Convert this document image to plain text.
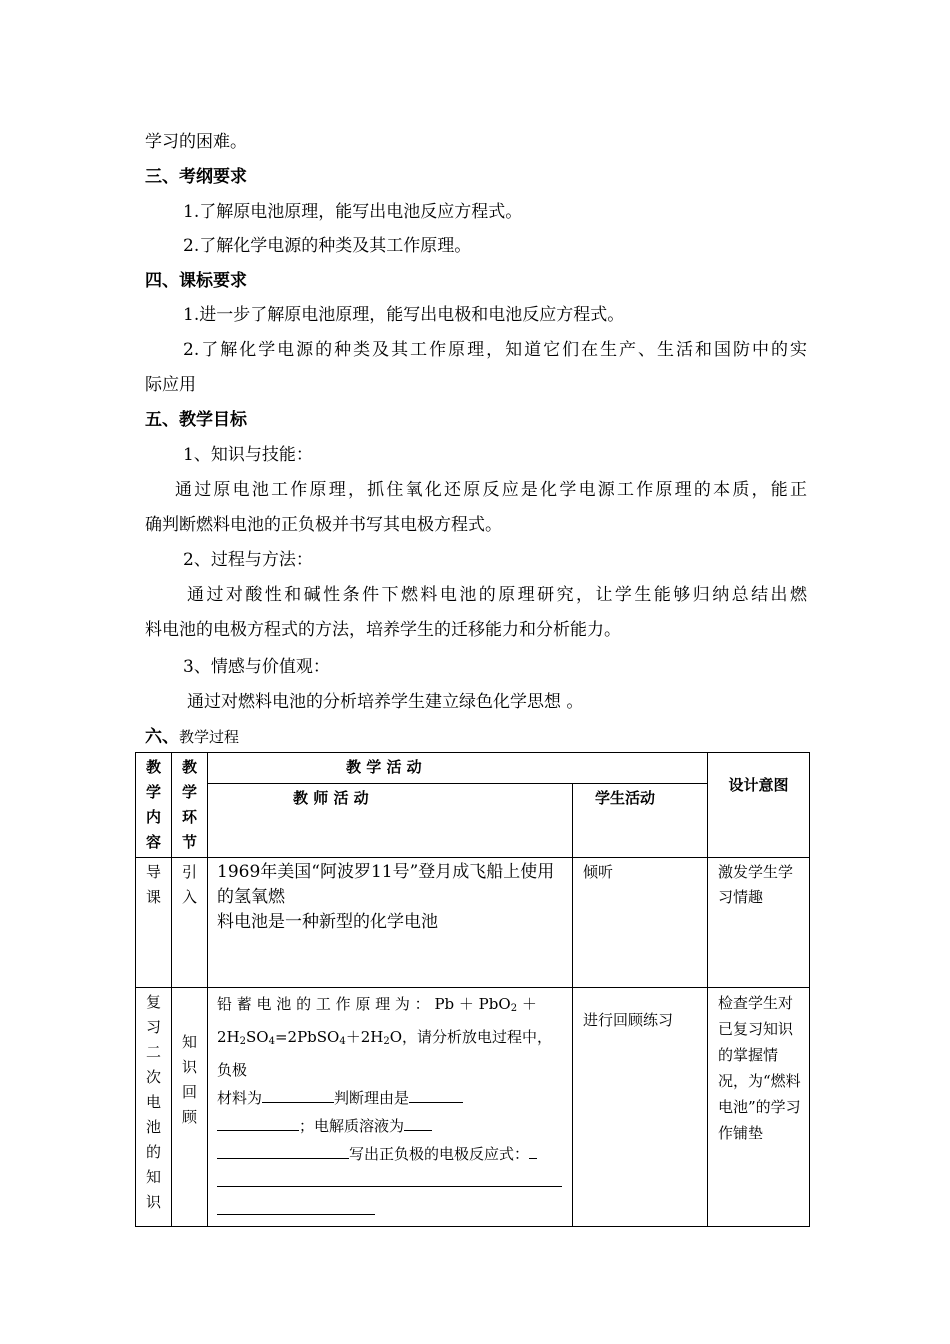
学习的困难。
三、考纲要求
1.了解原电池原理，能写出电池反应方程式。
2.了解化学电源的种类及其工作原理。
四、课标要求
1.进一步了解原电池原理，能写出电极和电池反应方程式。
2.了解化学电源的种类及其工作原理，知道它们在生产、生活和国防中的实
际应用
五、教学目标
1、知识与技能：
通过原电池工作原理，抓住氧化还原反应是化学电源工作原理的本质，能正
确判断燃料电池的正负极并书写其电极方程式。
2、过程与方法：
通过对酸性和碱性条件下燃料电池的原理研究，让学生能够归纳总结出燃
料电池的电极方程式的方法，培养学生的迁移能力和分析能力。
3、情感与价值观：
通过对燃料电池的分析培养学生建立绿色化学思想 。
六、教学过程
教学内容	教学环节	教 学 活 动		设计意图
		教 师 活 动	学生活动	
导课	引入	1969年美国“阿波罗11号”登月成飞船上使用的氢氧燃
料电池是一种新型的化学电池	倾听	激发学生学习情趣
复习二次电池的知识	知识回顾	铅 蓄 电 池 的 工 作 原 理 为 ： Pb ＋ PbO$_2$ ＋
$2H_2SO_4=2PbSO_4+2H_2O$，请分析放电过程中，负极
材料为 判断理由是
；电解质溶液为
写出正负极的电极反应式：	进行回顾练习	检查学生对已复习知识的掌握情况，为“燃料电池”的学习作铺垫
